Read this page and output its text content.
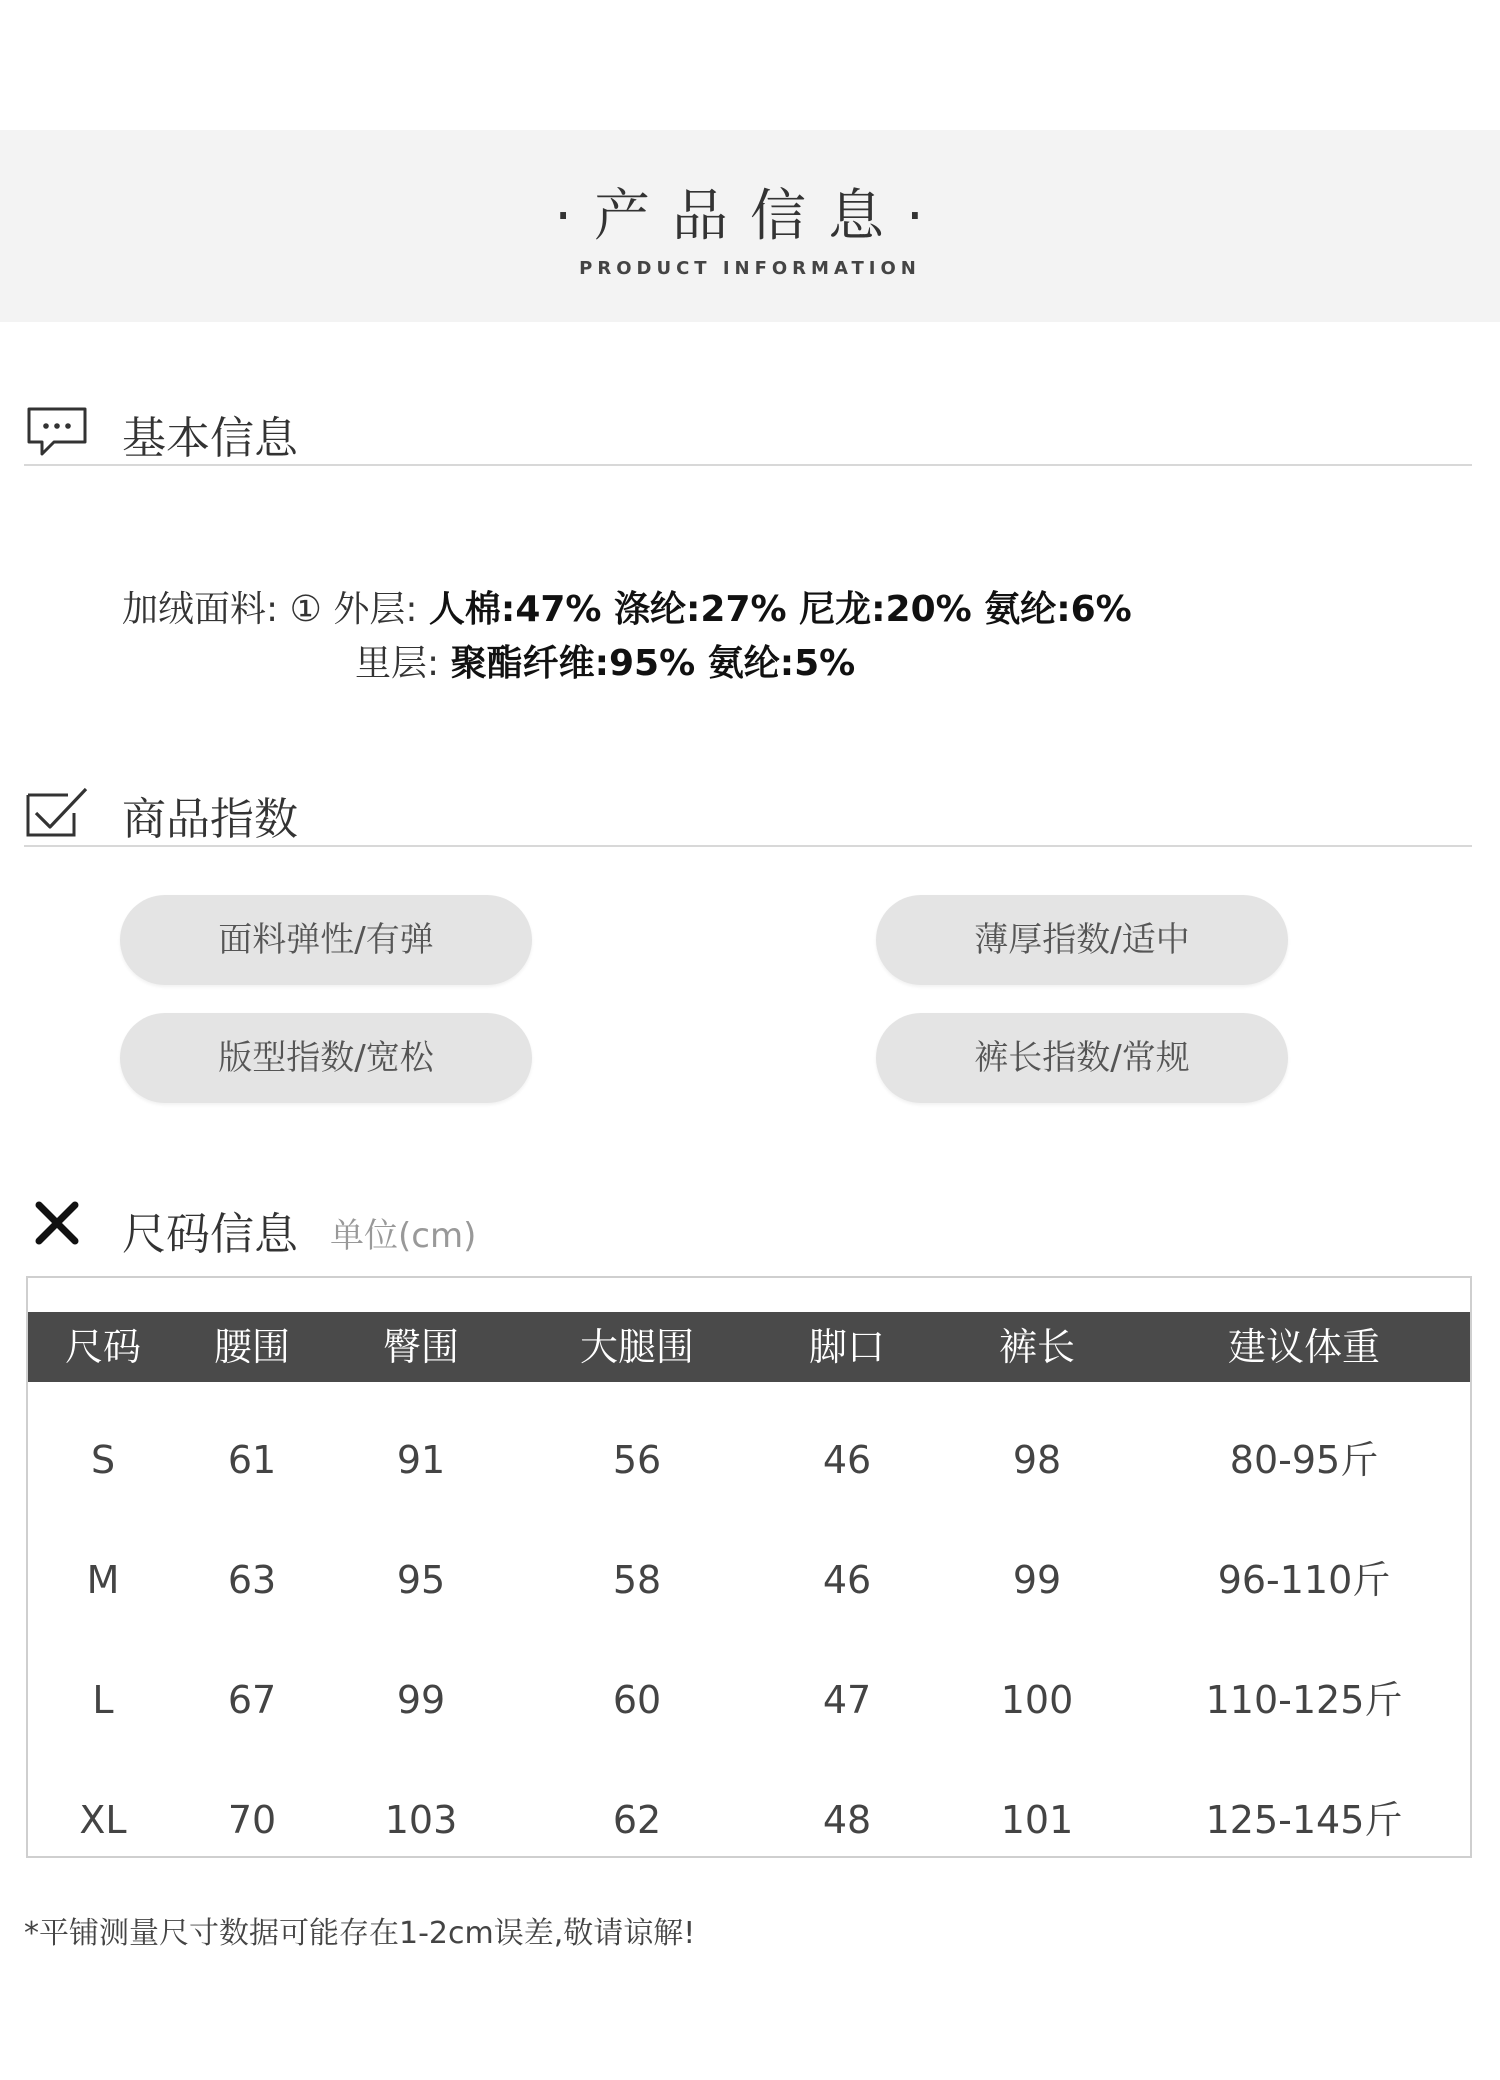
·产品信息·
PRODUCT INFORMATION
基本信息
加绒面料: ① 外层: 人棉:47% 涤纶:27% 尼龙:20% 氨纶:6%
里层: 聚酯纤维:95% 氨纶:5%
商品指数
面料弹性/有弹	薄厚指数/适中
版型指数/宽松	裤长指数/常规
尺码信息 单位(cm)
尺码	腰围	臀围	大腿围	脚口	裤长	建议体重
S	61	91	56	46	98	80-95斤
M	63	95	58	46	99	96-110斤
L	67	99	60	47	100	110-125斤
XL	70	103	62	48	101	125-145斤
*平铺测量尺寸数据可能存在1-2cm误差,敬请谅解!
